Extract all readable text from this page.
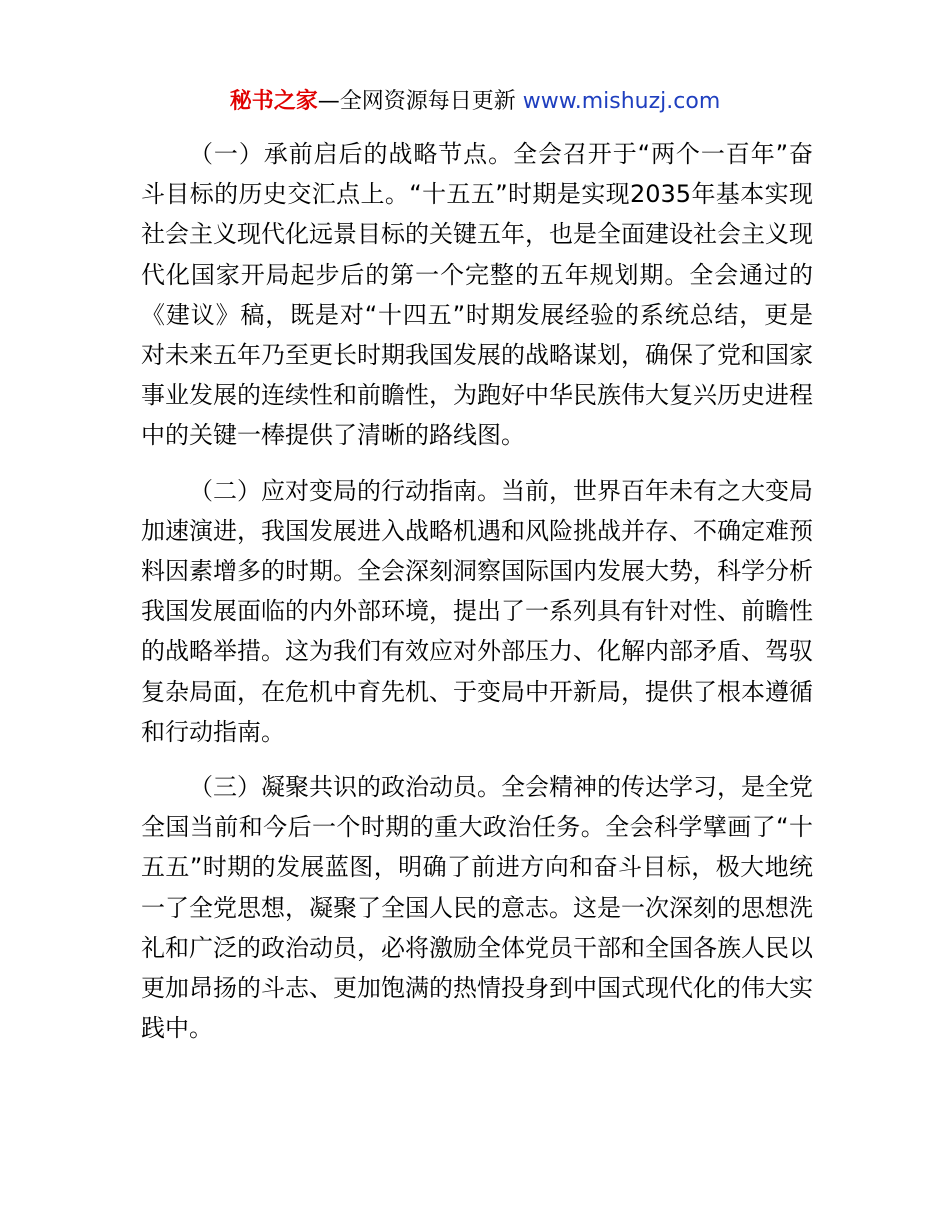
秘书之家—全网资源每日更新 www.mishuzj.com

（一）承前启后的战略节点。全会召开于“两个一百年”奋斗目标的历史交汇点上。“十五五”时期是实现2035年基本实现社会主义现代化远景目标的关键五年，也是全面建设社会主义现代化国家开局起步后的第一个完整的五年规划期。全会通过的《建议》稿，既是对“十四五”时期发展经验的系统总结，更是对未来五年乃至更长时期我国发展的战略谋划，确保了党和国家事业发展的连续性和前瞻性，为跑好中华民族伟大复兴历史进程中的关键一棒提供了清晰的路线图。

（二）应对变局的行动指南。当前，世界百年未有之大变局加速演进，我国发展进入战略机遇和风险挑战并存、不确定难预料因素增多的时期。全会深刻洞察国际国内发展大势，科学分析我国发展面临的内外部环境，提出了一系列具有针对性、前瞻性的战略举措。这为我们有效应对外部压力、化解内部矛盾、驾驭复杂局面，在危机中育先机、于变局中开新局，提供了根本遵循和行动指南。

（三）凝聚共识的政治动员。全会精神的传达学习，是全党全国当前和今后一个时期的重大政治任务。全会科学擘画了“十五五”时期的发展蓝图，明确了前进方向和奋斗目标，极大地统一了全党思想，凝聚了全国人民的意志。这是一次深刻的思想洗礼和广泛的政治动员，必将激励全体党员干部和全国各族人民以更加昂扬的斗志、更加饱满的热情投身到中国式现代化的伟大实践中。
